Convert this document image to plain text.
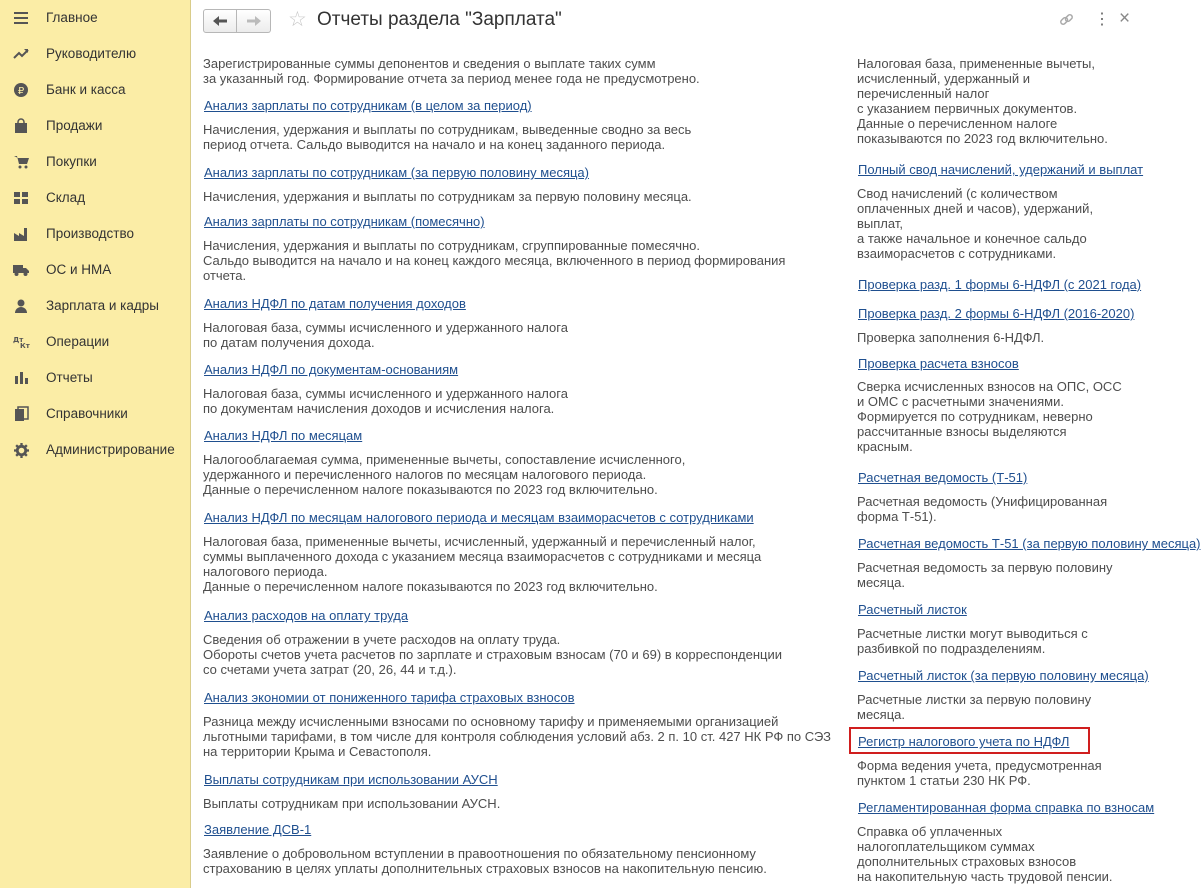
Главное
Руководителю
₽ Банк и касса
Продажи
Покупки
Склад
Производство
ОС и НМА
Зарплата и кадры
Дт
Кт Операции
Отчеты
Справочники
Администрирование
☆ Отчеты раздела "Зарплата"	⋮ ×
Зарегистрированные суммы депонентов и сведения о выплате таких сумм
за указанный год. Формирование отчета за период менее года не предусмотрено.
Анализ зарплаты по сотрудникам (в целом за период)
Начисления, удержания и выплаты по сотрудникам, выведенные сводно за весь
период отчета. Сальдо выводится на начало и на конец заданного периода.
Анализ зарплаты по сотрудникам (за первую половину месяца)
Начисления, удержания и выплаты по сотрудникам за первую половину месяца.
Анализ зарплаты по сотрудникам (помесячно)
Начисления, удержания и выплаты по сотрудникам, сгруппированные помесячно.
Сальдо выводится на начало и на конец каждого месяца, включенного в период формирования
отчета.
Анализ НДФЛ по датам получения доходов
Налоговая база, суммы исчисленного и удержанного налога
по датам получения дохода.
Анализ НДФЛ по документам-основаниям
Налоговая база, суммы исчисленного и удержанного налога
по документам начисления доходов и исчисления налога.
Анализ НДФЛ по месяцам
Налогооблагаемая сумма, примененные вычеты, сопоставление исчисленного,
удержанного и перечисленного налогов по месяцам налогового периода.
Данные о перечисленном налоге показываются по 2023 год включительно.
Анализ НДФЛ по месяцам налогового периода и месяцам взаиморасчетов с сотрудниками
Налоговая база, примененные вычеты, исчисленный, удержанный и перечисленный налог,
суммы выплаченного дохода с указанием месяца взаиморасчетов с сотрудниками и месяца
налогового периода.
Данные о перечисленном налоге показываются по 2023 год включительно.
Анализ расходов на оплату труда
Сведения об отражении в учете расходов на оплату труда.
Обороты счетов учета расчетов по зарплате и страховым взносам (70 и 69) в корреспонденции
со счетами учета затрат (20, 26, 44 и т.д.).
Анализ экономии от пониженного тарифа страховых взносов
Разница между исчисленными взносами по основному тарифу и применяемыми организацией
льготными тарифами, в том числе для контроля соблюдения условий абз. 2 п. 10 ст. 427 НК РФ по СЭЗ
на территории Крыма и Севастополя.
Выплаты сотрудникам при использовании АУСН
Выплаты сотрудникам при использовании АУСН.
Заявление ДСВ-1
Заявление о добровольном вступлении в правоотношения по обязательному пенсионному
страхованию в целях уплаты дополнительных страховых взносов на накопительную пенсию.
Налоговая база, примененные вычеты,
исчисленный, удержанный и
перечисленный налог
с указанием первичных документов.
Данные о перечисленном налоге
показываются по 2023 год включительно.
Полный свод начислений, удержаний и выплат
Свод начислений (с количеством
оплаченных дней и часов), удержаний,
выплат,
а также начальное и конечное сальдо
взаиморасчетов с сотрудниками.
Проверка разд. 1 формы 6-НДФЛ (с 2021 года)
Проверка разд. 2 формы 6-НДФЛ (2016-2020)
Проверка заполнения 6-НДФЛ.
Проверка расчета взносов
Сверка исчисленных взносов на ОПС, ОСС
и ОМС с расчетными значениями.
Формируется по сотрудникам, неверно
рассчитанные взносы выделяются
красным.
Расчетная ведомость (Т-51)
Расчетная ведомость (Унифицированная
форма Т-51).
Расчетная ведомость Т-51 (за первую половину месяца)
Расчетная ведомость за первую половину
месяца.
Расчетный листок
Расчетные листки могут выводиться с
разбивкой по подразделениям.
Расчетный листок (за первую половину месяца)
Расчетные листки за первую половину
месяца.
Регистр налогового учета по НДФЛ
Форма ведения учета, предусмотренная
пунктом 1 статьи 230 НК РФ.
Регламентированная форма справка по взносам
Справка об уплаченных
налогоплательщиком суммах
дополнительных страховых взносов
на накопительную часть трудовой пенсии.
